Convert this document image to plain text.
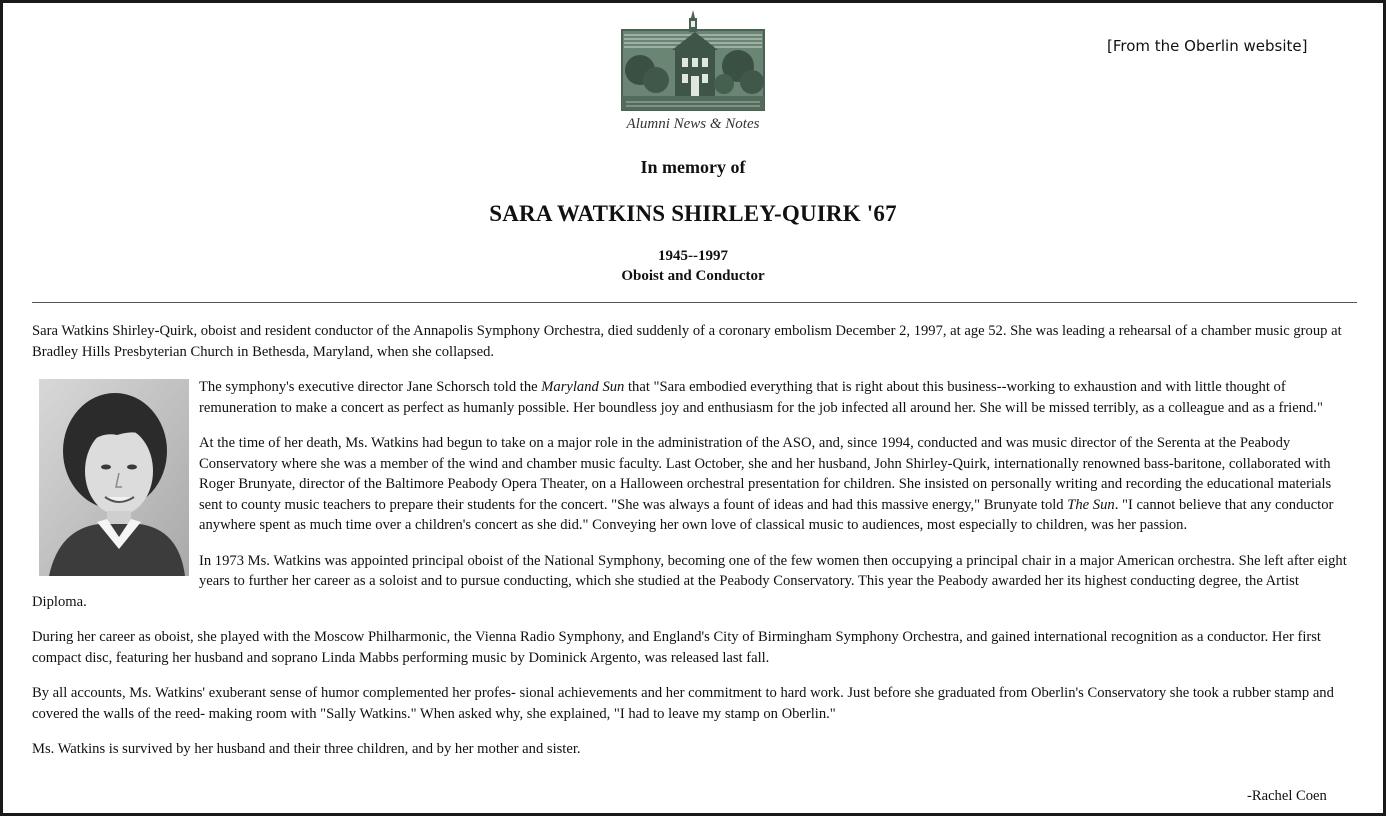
[From the Oberlin website]
Alumni News & Notes
In memory of
SARA WATKINS SHIRLEY-QUIRK '67
1945--1997
Oboist and Conductor

Sara Watkins Shirley-Quirk, oboist and resident conductor of the Annapolis Symphony Orchestra, died suddenly of a coronary embolism December 2, 1997, at age 52. She was leading a rehearsal of a chamber music group at Bradley Hills Presbyterian Church in Bethesda, Maryland, when she collapsed.

The symphony's executive director Jane Schorsch told the Maryland Sun that "Sara embodied everything that is right about this business--working to exhaustion and with little thought of remuneration to make a concert as perfect as humanly possible. Her boundless joy and enthusiasm for the job infected all around her. She will be missed terribly, as a colleague and as a friend."

At the time of her death, Ms. Watkins had begun to take on a major role in the administration of the ASO, and, since 1994, conducted and was music director of the Serenta at the Peabody Conservatory where she was a member of the wind and chamber music faculty. Last October, she and her husband, John Shirley-Quirk, internationally renowned bass-baritone, collaborated with Roger Brunyate, director of the Baltimore Peabody Opera Theater, on a Halloween orchestral presentation for children. She insisted on personally writing and recording the educational materials sent to county music teachers to prepare their students for the concert. "She was always a fount of ideas and had this massive energy," Brunyate told The Sun. "I cannot believe that any conductor anywhere spent as much time over a children's concert as she did." Conveying her own love of classical music to audiences, most especially to children, was her passion.

In 1973 Ms. Watkins was appointed principal oboist of the National Symphony, becoming one of the few women then occupying a principal chair in a major American orchestra. She left after eight years to further her career as a soloist and to pursue conducting, which she studied at the Peabody Conservatory. This year the Peabody awarded her its highest conducting degree, the Artist Diploma.

During her career as oboist, she played with the Moscow Philharmonic, the Vienna Radio Symphony, and England's City of Birmingham Symphony Orchestra, and gained international recognition as a conductor. Her first compact disc, featuring her husband and soprano Linda Mabbs performing music by Dominick Argento, was released last fall.

By all accounts, Ms. Watkins' exuberant sense of humor complemented her profes- sional achievements and her commitment to hard work. Just before she graduated from Oberlin's Conservatory she took a rubber stamp and covered the walls of the reed- making room with "Sally Watkins." When asked why, she explained, "I had to leave my stamp on Oberlin."

Ms. Watkins is survived by her husband and their three children, and by her mother and sister.

-Rachel Coen
